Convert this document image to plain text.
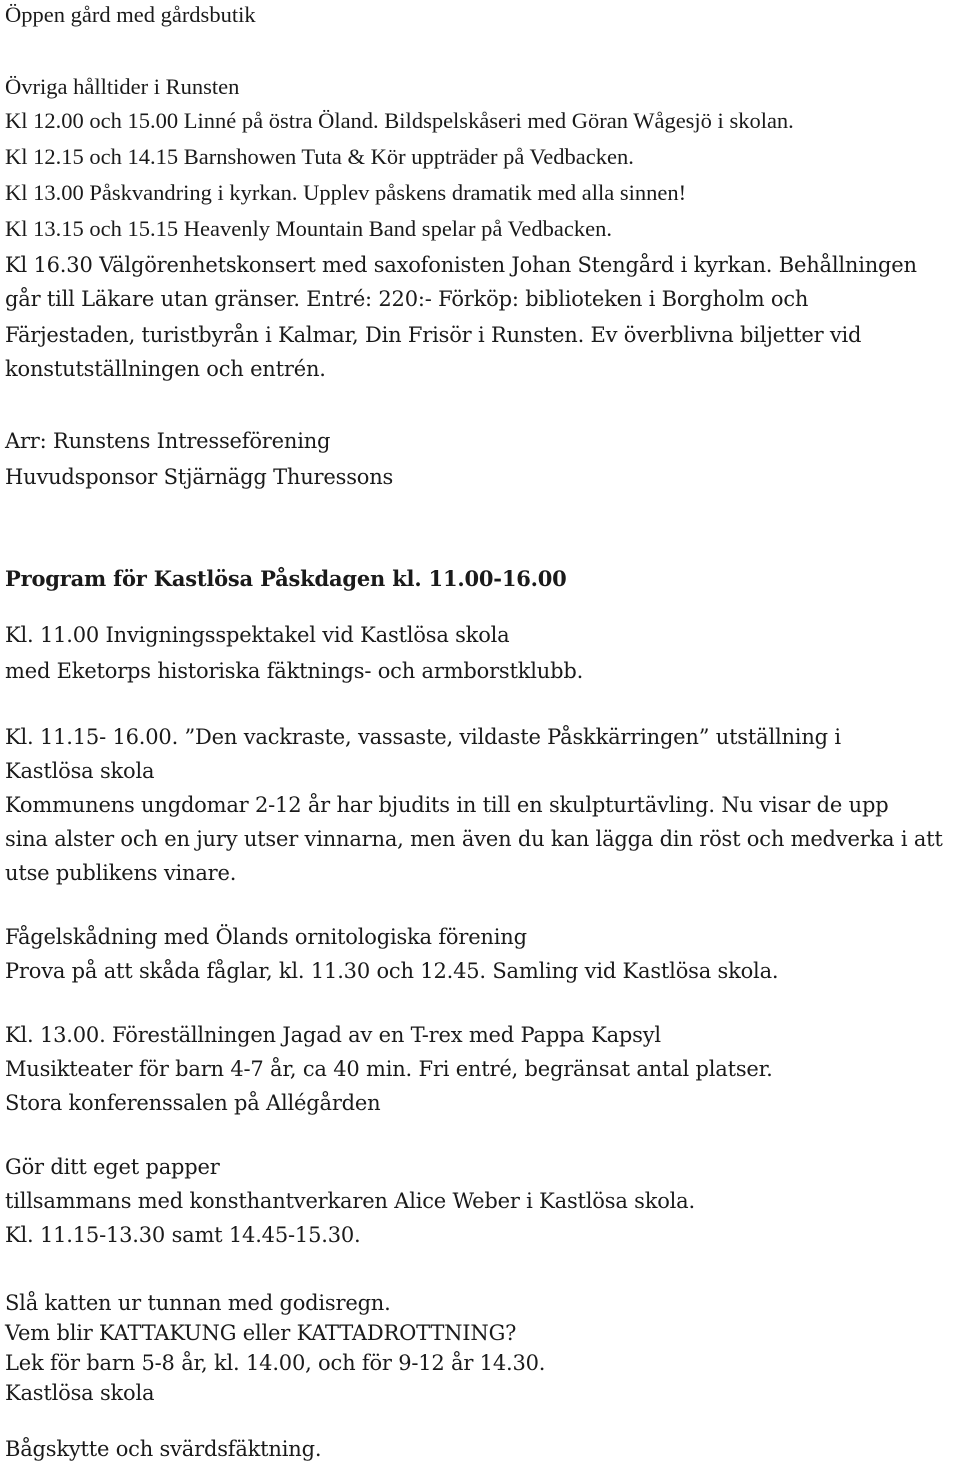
Öppen gård med gårdsbutik
Övriga hålltider i Runsten
Kl 12.00 och 15.00 Linné på östra Öland. Bildspelskåseri med Göran Wågesjö i skolan.
Kl 12.15 och 14.15 Barnshowen Tuta & Kör uppträder på Vedbacken.
Kl 13.00 Påskvandring i kyrkan. Upplev påskens dramatik med alla sinnen!
Kl 13.15 och 15.15 Heavenly Mountain Band spelar på Vedbacken.
Kl 16.30 Välgörenhetskonsert med saxofonisten Johan Stengård i kyrkan. Behållningen
går till Läkare utan gränser. Entré: 220:- Förköp: biblioteken i Borgholm och
Färjestaden, turistbyrån i Kalmar, Din Frisör i Runsten. Ev överblivna biljetter vid
konstutställningen och entrén.
Arr: Runstens Intresseförening
Huvudsponsor Stjärnägg Thuressons
Program för Kastlösa Påskdagen kl. 11.00-16.00
Kl. 11.00 Invigningsspektakel vid Kastlösa skola
med Eketorps historiska fäktnings- och armborstklubb.
Kl. 11.15- 16.00. ”Den vackraste, vassaste, vildaste Påskkärringen” utställning i
Kastlösa skola
Kommunens ungdomar 2-12 år har bjudits in till en skulpturtävling. Nu visar de upp
sina alster och en jury utser vinnarna, men även du kan lägga din röst och medverka i att
utse publikens vinare.
Fågelskådning med Ölands ornitologiska förening
Prova på att skåda fåglar, kl. 11.30 och 12.45. Samling vid Kastlösa skola.
Kl. 13.00. Föreställningen Jagad av en T-rex med Pappa Kapsyl
Musikteater för barn 4-7 år, ca 40 min. Fri entré, begränsat antal platser.
Stora konferenssalen på Allégården
Gör ditt eget papper
tillsammans med konsthantverkaren Alice Weber i Kastlösa skola.
Kl. 11.15-13.30 samt 14.45-15.30.
Slå katten ur tunnan med godisregn.
Vem blir KATTAKUNG eller KATTADROTTNING?
Lek för barn 5-8 år, kl. 14.00, och för 9-12 år 14.30.
Kastlösa skola
Bågskytte och svärdsfäktning.
